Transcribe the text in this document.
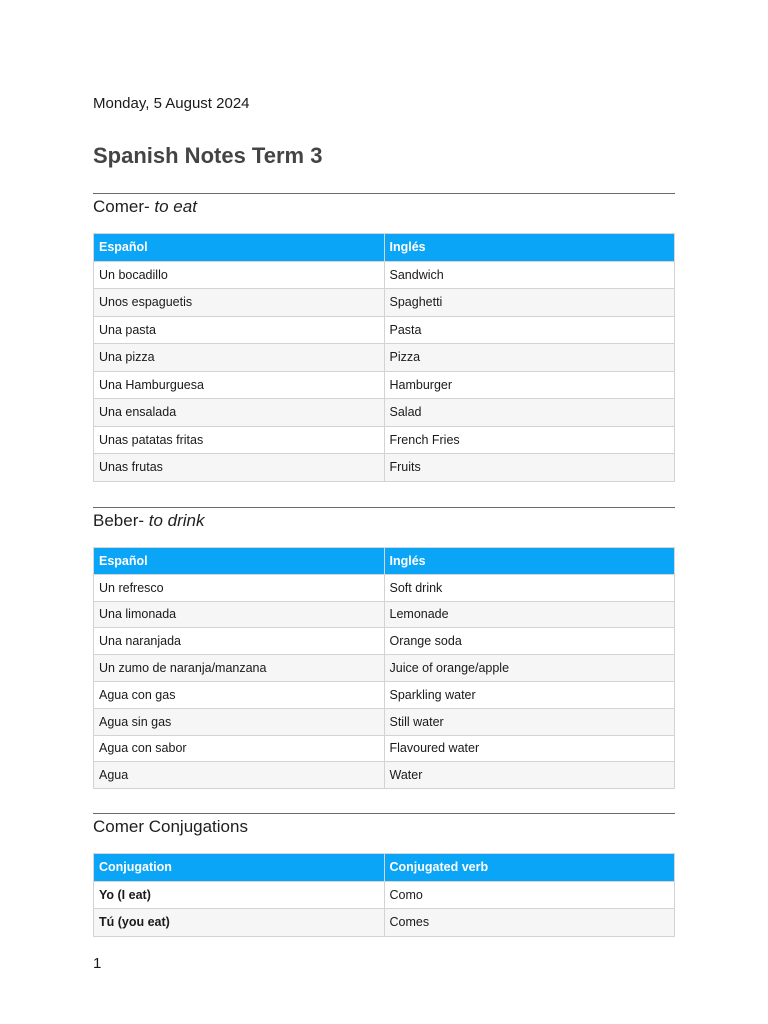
Monday, 5 August 2024
Spanish Notes Term 3
Comer- to eat
Español	Inglés
Un bocadillo	Sandwich
Unos espaguetis	Spaghetti
Una pasta	Pasta
Una pizza	Pizza
Una Hamburguesa	Hamburger
Una ensalada	Salad
Unas patatas fritas	French Fries
Unas frutas	Fruits
Beber- to drink
Español	Inglés
Un refresco	Soft drink
Una limonada	Lemonade
Una naranjada	Orange soda
Un zumo de naranja/manzana	Juice of orange/apple
Agua con gas	Sparkling water
Agua sin gas	Still water
Agua con sabor	Flavoured water
Agua	Water
Comer Conjugations
Conjugation	Conjugated verb
Yo (I eat)	Como
Tú (you eat)	Comes
1
